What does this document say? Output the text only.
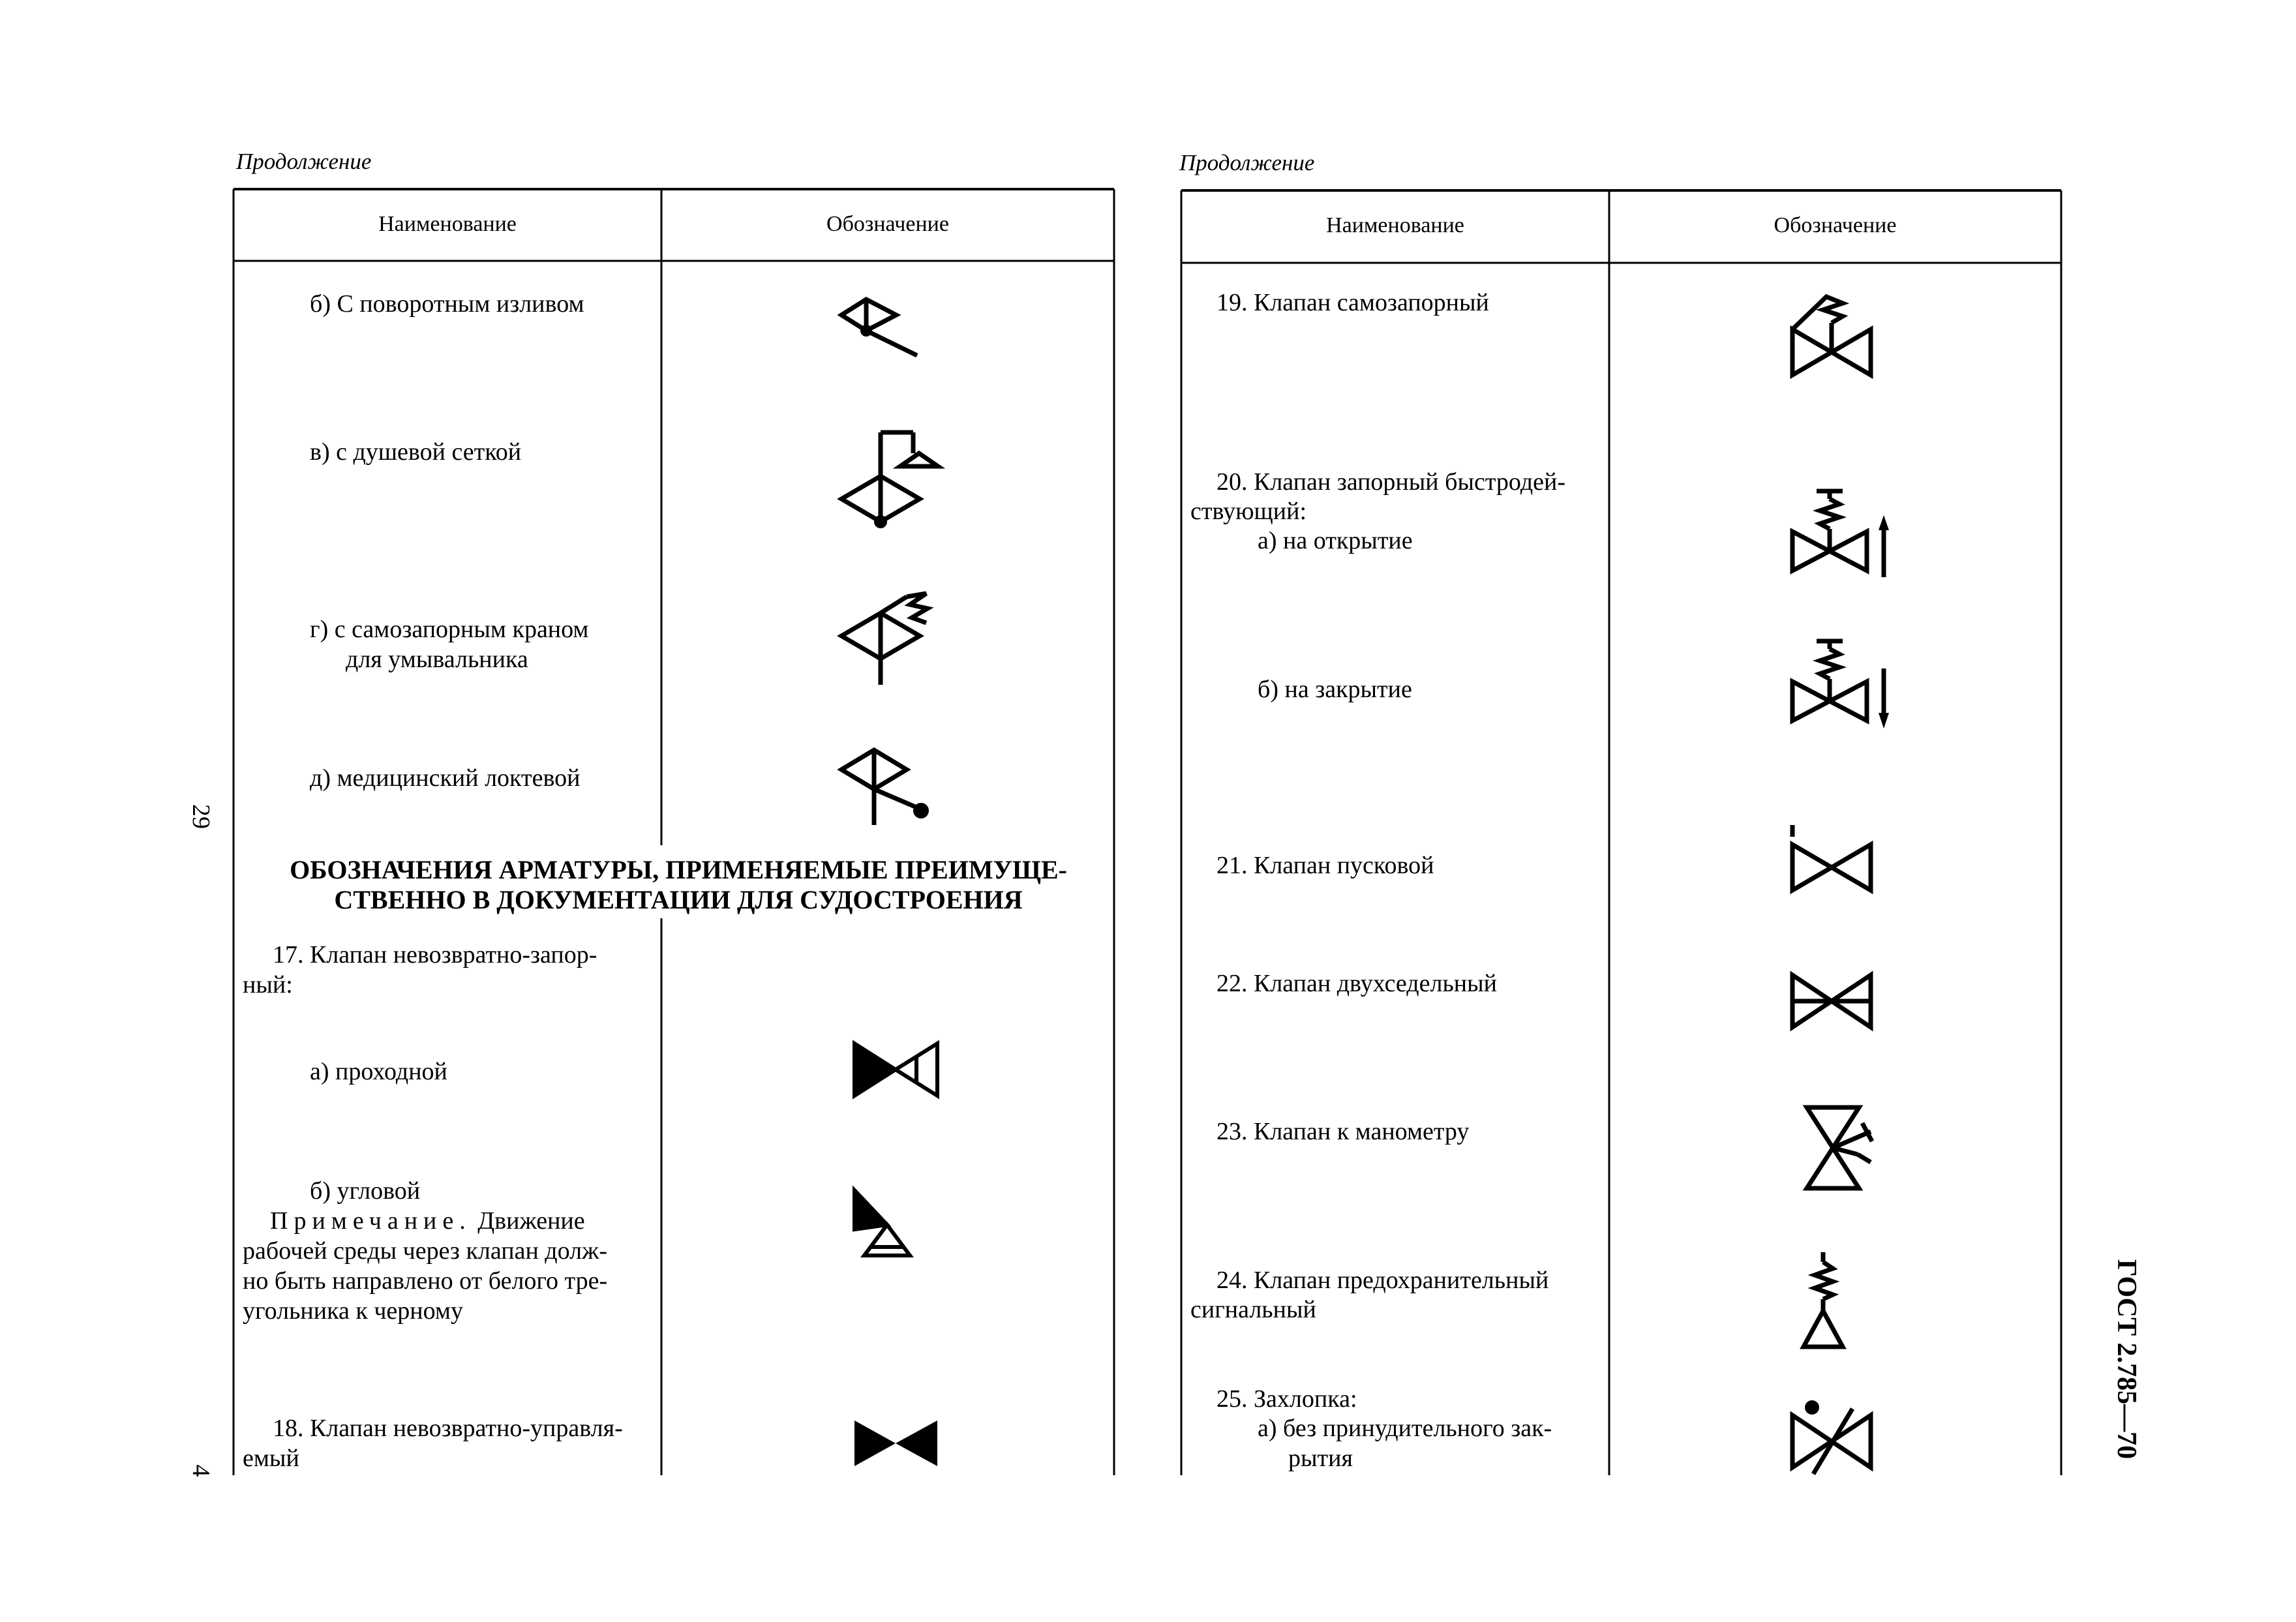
Продолжение
Наименование	Обозначение
б) С поворотным изливом
в) с душевой сеткой
г) с самозапорным краном
для умывальника
д) медицинский локтевой
ОБОЗНАЧЕНИЯ АРМАТУРЫ, ПРИМЕНЯЕМЫЕ ПРЕИМУЩЕ-
СТВЕННО В ДОКУМЕНТАЦИИ ДЛЯ СУДОСТРОЕНИЯ
17. Клапан невозвратно-запор-
ный:
а) проходной
б) угловой
Примечание. Движение
рабочей среды через клапан долж-
но быть направлено от белого тре-
угольника к черному
18. Клапан невозвратно-управля-
емый
Продолжение
Наименование	Обозначение
19. Клапан самозапорный
20. Клапан запорный быстродей-
ствующий:
а) на открытие
б) на закрытие
21. Клапан пусковой
22. Клапан двухседельный
23. Клапан к манометру
24. Клапан предохранительный
сигнальный
25. Захлопка:
а) без принудительного зак-
рытия
29
4
ГОСТ 2.785—70
